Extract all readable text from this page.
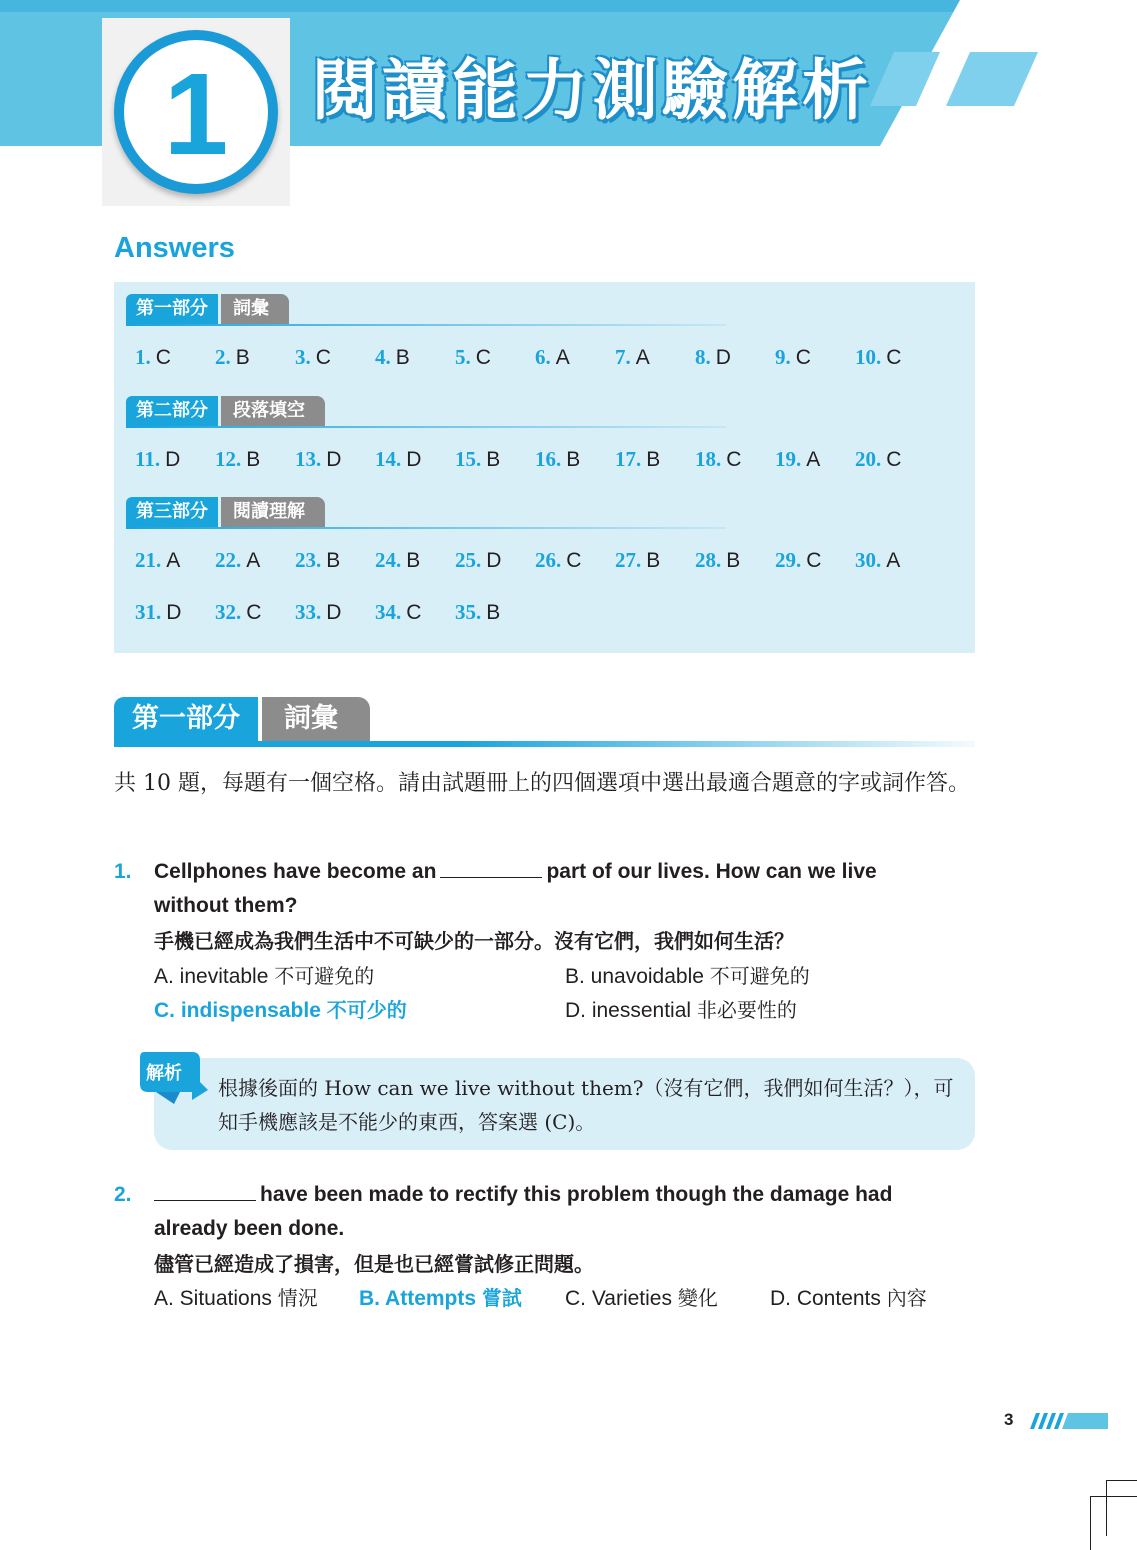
1 閱讀能力測驗解析
Answers
第一部分	詞彙
1. C	2. B	3. C	4. B	5. C	6. A	7. A	8. D	9. C	10. C
第二部分	段落填空
11. D	12. B	13. D	14. D	15. B	16. B	17. B	18. C	19. A	20. C
第三部分	閱讀理解
21. A	22. A	23. B	24. B	25. D	26. C	27. B	28. B	29. C	30. A
31. D	32. C	33. D	34. C	35. B
第一部分	詞彙
共 10 題，每題有一個空格。請由試題冊上的四個選項中選出最適合題意的字或詞作答。
1. Cellphones have become an	part of our lives. How can we live without them?
手機已經成為我們生活中不可缺少的一部分。沒有它們，我們如何生活？
A. inevitable 不可避免的	B. unavoidable 不可避免的
C. indispensable 不可少的	D. inessential 非必要性的
解析
根據後面的 How can we live without them?（沒有它們，我們如何生活？），可知手機應該是不能少的東西，答案選 (C)。
2.	have been made to rectify this problem though the damage had already been done.
儘管已經造成了損害，但是也已經嘗試修正問題。
A. Situations 情況 B. Attempts 嘗試 C. Varieties 變化 D. Contents 內容
3
